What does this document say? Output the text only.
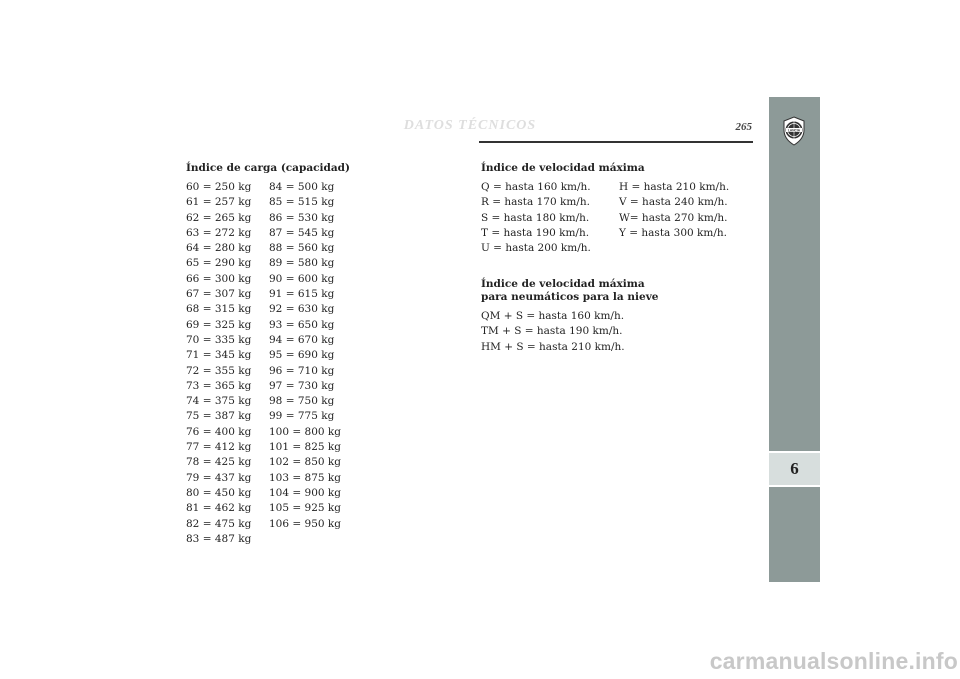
DATOS TÉCNICOS	265
6
LANCIA
Índice de carga (capacidad)
60 = 250 kg
61 = 257 kg
62 = 265 kg
63 = 272 kg
64 = 280 kg
65 = 290 kg
66 = 300 kg
67 = 307 kg
68 = 315 kg
69 = 325 kg
70 = 335 kg
71 = 345 kg
72 = 355 kg
73 = 365 kg
74 = 375 kg
75 = 387 kg
76 = 400 kg
77 = 412 kg
78 = 425 kg
79 = 437 kg
80 = 450 kg
81 = 462 kg
82 = 475 kg
83 = 487 kg
84 = 500 kg
85 = 515 kg
86 = 530 kg
87 = 545 kg
88 = 560 kg
89 = 580 kg
90 = 600 kg
91 = 615 kg
92 = 630 kg
93 = 650 kg
94 = 670 kg
95 = 690 kg
96 = 710 kg
97 = 730 kg
98 = 750 kg
99 = 775 kg
100 = 800 kg
101 = 825 kg
102 = 850 kg
103 = 875 kg
104 = 900 kg
105 = 925 kg
106 = 950 kg
Índice de velocidad máxima
Q = hasta 160 km/h.
R = hasta 170 km/h.
S = hasta 180 km/h.
T = hasta 190 km/h.
U = hasta 200 km/h.
H = hasta 210 km/h.
V = hasta 240 km/h.
W= hasta 270 km/h.
Y = hasta 300 km/h.
Índice de velocidad máxima
para neumáticos para la nieve
QM + S = hasta 160 km/h.
TM + S = hasta 190 km/h.
HM + S = hasta 210 km/h.
carmanualsonline.info
